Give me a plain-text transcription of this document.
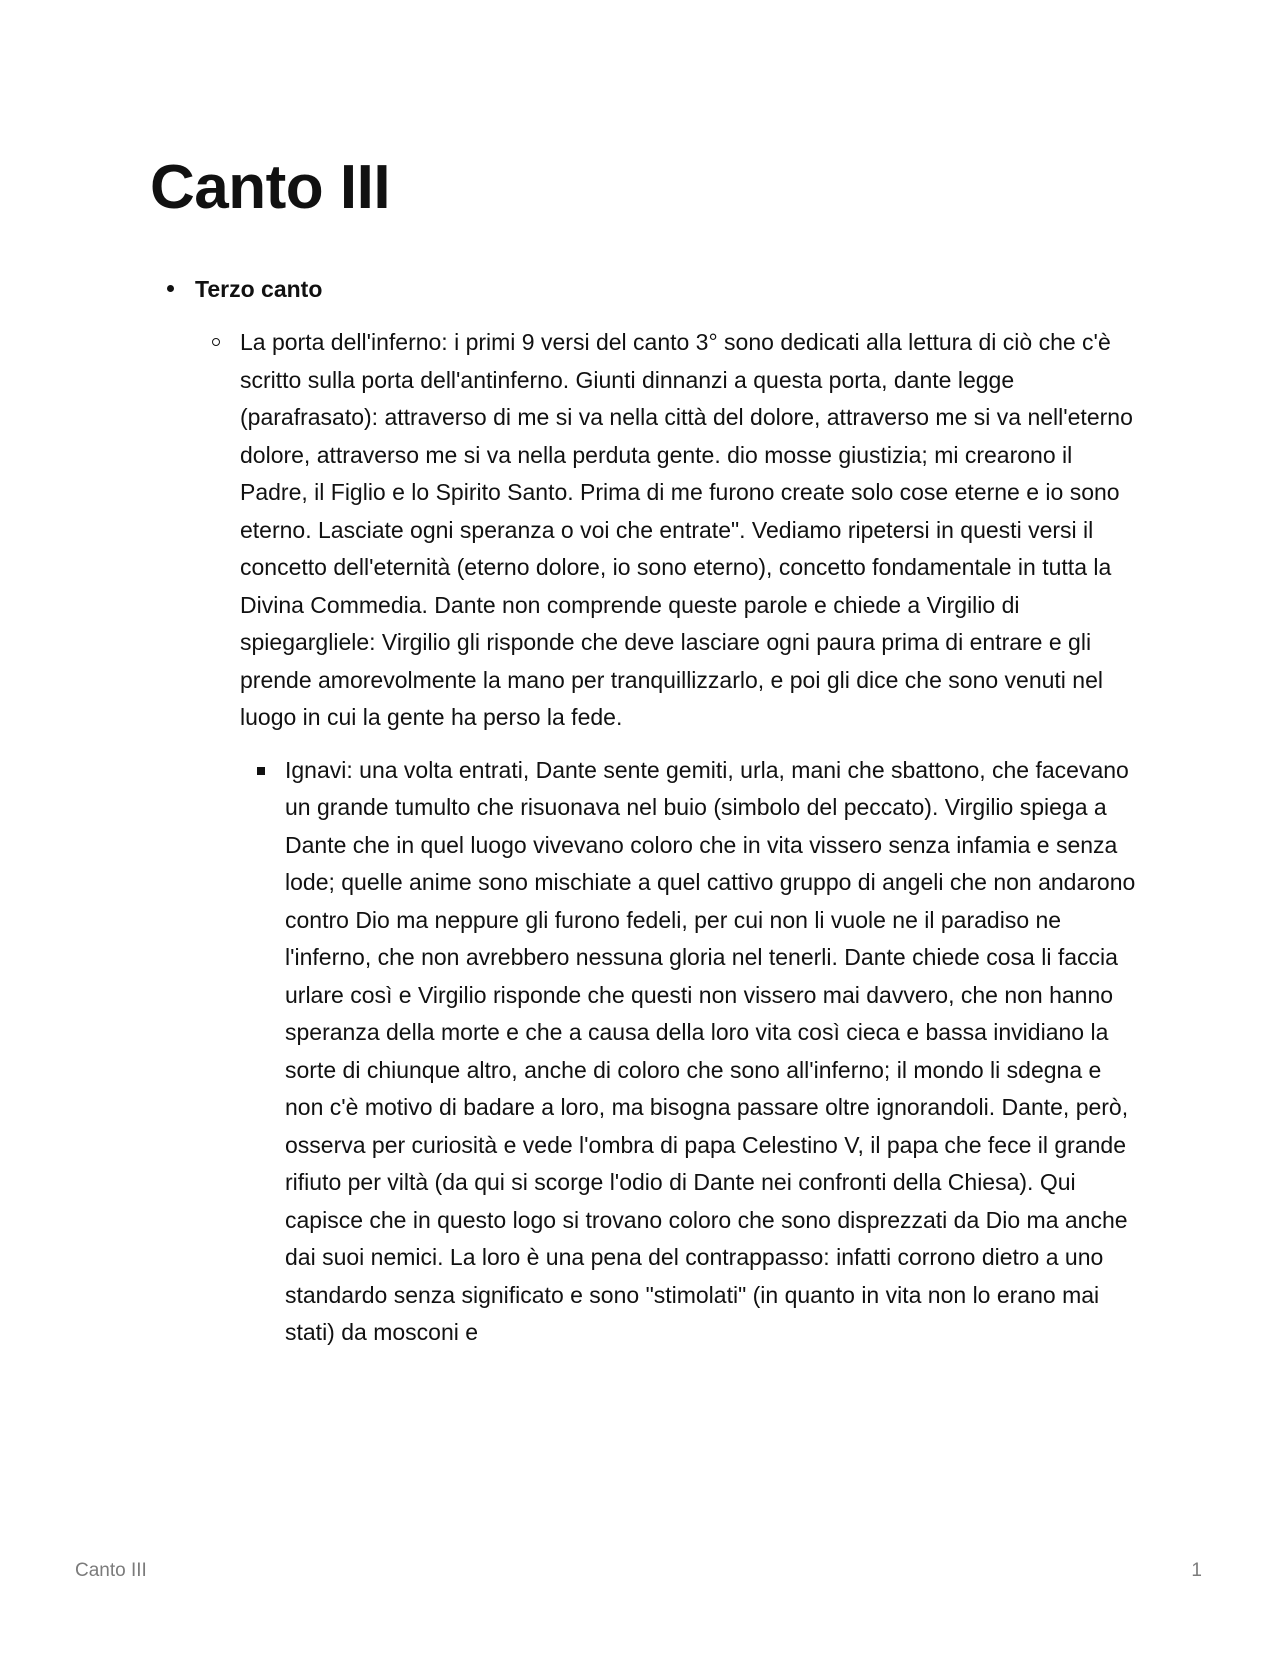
Canto III
Terzo canto
La porta dell'inferno: i primi 9 versi del canto 3° sono dedicati alla lettura di ciò che c'è scritto sulla porta dell'antinferno. Giunti dinnanzi a questa porta, dante legge (parafrasato): attraverso di me si va nella città del dolore, attraverso me si va nell'eterno dolore, attraverso me si va nella perduta gente. dio mosse giustizia; mi crearono il Padre, il Figlio e lo Spirito Santo. Prima di me furono create solo cose eterne e io sono eterno. Lasciate ogni speranza o voi che entrate". Vediamo ripetersi in questi versi il concetto dell'eternità (eterno dolore, io sono eterno), concetto fondamentale in tutta la Divina Commedia. Dante non comprende queste parole e chiede a Virgilio di spiegargliele: Virgilio gli risponde che deve lasciare ogni paura prima di entrare e gli prende amorevolmente la mano per tranquillizzarlo, e poi gli dice che sono venuti nel luogo in cui la gente ha perso la fede.
Ignavi: una volta entrati, Dante sente gemiti, urla, mani che sbattono, che facevano un grande tumulto che risuonava nel buio (simbolo del peccato). Virgilio spiega a Dante che in quel luogo vivevano coloro che in vita vissero senza infamia e senza lode; quelle anime sono mischiate a quel cattivo gruppo di angeli che non andarono contro Dio ma neppure gli furono fedeli, per cui non li vuole ne il paradiso ne l'inferno, che non avrebbero nessuna gloria nel tenerli. Dante chiede cosa li faccia urlare così e Virgilio risponde che questi non vissero mai davvero, che non hanno speranza della morte e che a causa della loro vita così cieca e bassa invidiano la sorte di chiunque altro, anche di coloro che sono all'inferno; il mondo li sdegna e non c'è motivo di badare a loro, ma bisogna passare oltre ignorandoli. Dante, però, osserva per curiosità e vede l'ombra di papa Celestino V, il papa che fece il grande rifiuto per viltà (da qui si scorge l'odio di Dante nei confronti della Chiesa). Qui capisce che in questo logo si trovano coloro che sono disprezzati da Dio ma anche dai suoi nemici. La loro è una pena del contrappasso: infatti corrono dietro a uno standardo senza significato e sono "stimolati" (in quanto in vita non lo erano mai stati) da mosconi e
Canto III	1
